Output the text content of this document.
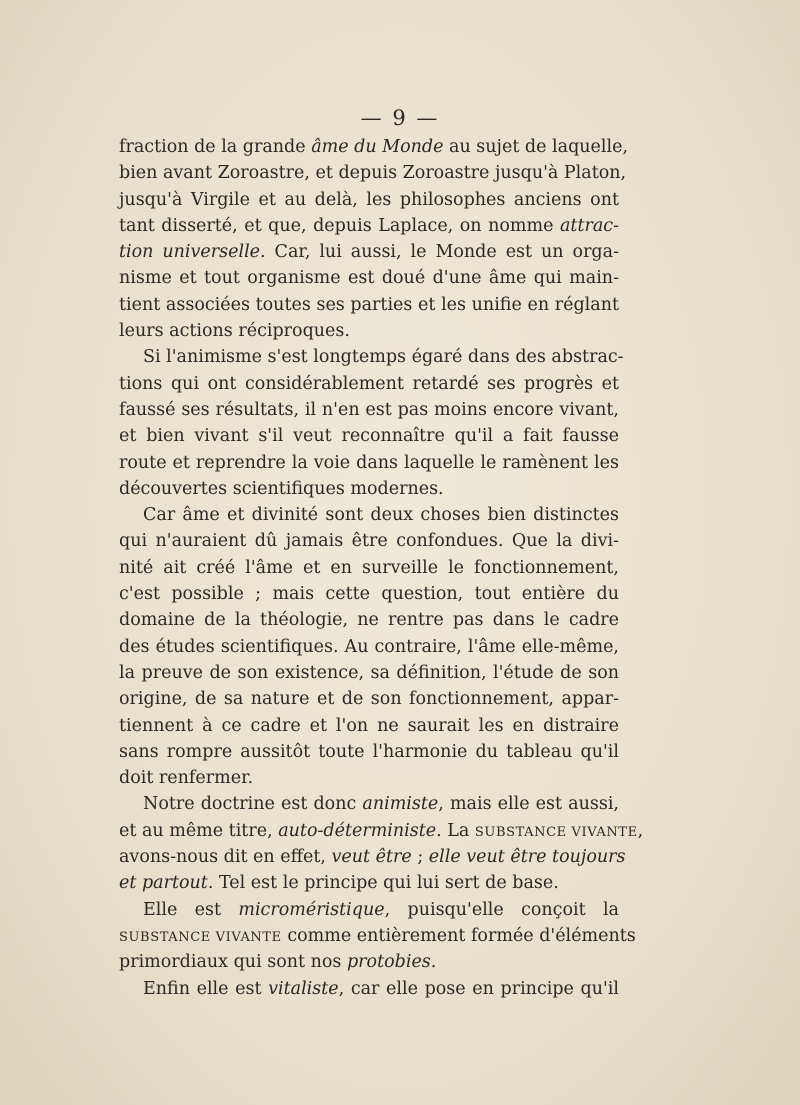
— 9 —
fraction de la grande âme du Monde au sujet de laquelle,
bien avant Zoroastre, et depuis Zoroastre jusqu'à Platon,
jusqu'à Virgile et au delà, les philosophes anciens ont
tant disserté, et que, depuis Laplace, on nomme attrac-
tion universelle. Car, lui aussi, le Monde est un orga-
nisme et tout organisme est doué d'une âme qui main-
tient associées toutes ses parties et les unifie en réglant
leurs actions réciproques.
Si l'animisme s'est longtemps égaré dans des abstrac-
tions qui ont considérablement retardé ses progrès et
faussé ses résultats, il n'en est pas moins encore vivant,
et bien vivant s'il veut reconnaître qu'il a fait fausse
route et reprendre la voie dans laquelle le ramènent les
découvertes scientifiques modernes.
Car âme et divinité sont deux choses bien distinctes
qui n'auraient dû jamais être confondues. Que la divi-
nité ait créé l'âme et en surveille le fonctionnement,
c'est possible ; mais cette question, tout entière du
domaine de la théologie, ne rentre pas dans le cadre
des études scientifiques. Au contraire, l'âme elle-même,
la preuve de son existence, sa définition, l'étude de son
origine, de sa nature et de son fonctionnement, appar-
tiennent à ce cadre et l'on ne saurait les en distraire
sans rompre aussitôt toute l'harmonie du tableau qu'il
doit renfermer.
Notre doctrine est donc animiste, mais elle est aussi,
et au même titre, auto-déterministe. La SUBSTANCE VIVANTE,
avons-nous dit en effet, veut être ; elle veut être toujours
et partout. Tel est le principe qui lui sert de base.
Elle est microméristique, puisqu'elle conçoit la
SUBSTANCE VIVANTE comme entièrement formée d'éléments
primordiaux qui sont nos protobies.
Enfin elle est vitaliste, car elle pose en principe qu'il
